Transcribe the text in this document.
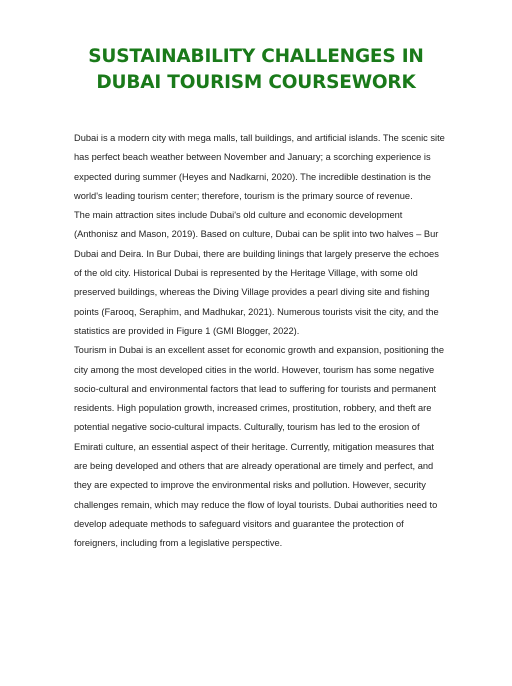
SUSTAINABILITY CHALLENGES IN
DUBAI TOURISM COURSEWORK

Dubai is a modern city with mega malls, tall buildings, and artificial islands. The scenic site has perfect beach weather between November and January; a scorching experience is expected during summer (Heyes and Nadkarni, 2020). The incredible destination is the world's leading tourism center; therefore, tourism is the primary source of revenue.

The main attraction sites include Dubai's old culture and economic development (Anthonisz and Mason, 2019). Based on culture, Dubai can be split into two halves – Bur Dubai and Deira. In Bur Dubai, there are building linings that largely preserve the echoes of the old city. Historical Dubai is represented by the Heritage Village, with some old preserved buildings, whereas the Diving Village provides a pearl diving site and fishing points (Farooq, Seraphim, and Madhukar, 2021). Numerous tourists visit the city, and the statistics are provided in Figure 1 (GMI Blogger, 2022).

Tourism in Dubai is an excellent asset for economic growth and expansion, positioning the city among the most developed cities in the world. However, tourism has some negative socio-cultural and environmental factors that lead to suffering for tourists and permanent residents. High population growth, increased crimes, prostitution, robbery, and theft are potential negative socio-cultural impacts. Culturally, tourism has led to the erosion of Emirati culture, an essential aspect of their heritage. Currently, mitigation measures that are being developed and others that are already operational are timely and perfect, and they are expected to improve the environmental risks and pollution. However, security challenges remain, which may reduce the flow of loyal tourists. Dubai authorities need to develop adequate methods to safeguard visitors and guarantee the protection of foreigners, including from a legislative perspective.
